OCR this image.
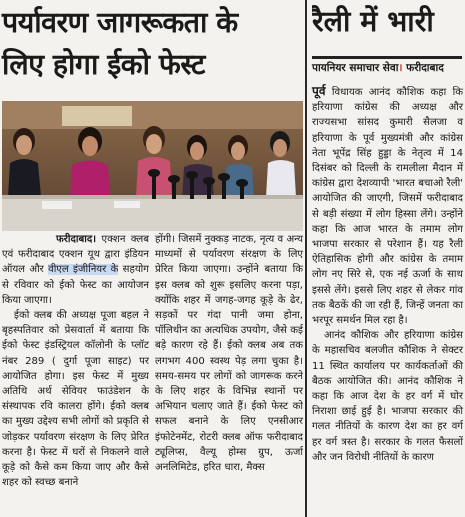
पर्यावरण जागरूकता के
लिए होगा ईको फेस्ट
रैली में भारी

फरीदाबाद। एक्शन क्लब एवं फरीदाबाद एक्शन यूथ द्वारा इंडियन ऑयल और वीएल इंजीनियर के सहयोग से रविवार को ईको फेस्ट का आयोजन किया जाएगा।

ईको क्लब की अध्यक्ष पूजा बहल ने बृहस्पतिवार को प्रेसवार्ता में बताया कि ईको फेस्ट इंडस्ट्रियल कॉलोनी के प्लॉट नंबर 289 ( दुर्गा पूजा साइट) पर आयोजित होगा। इस फेस्ट में मुख्य अतिथि अर्थ सेवियर फाउंडेशन के संस्थापक रवि कालरा होंगे। ईको क्लब का मुख्य उद्देश्य सभी लोगों को प्रकृति से जोड़कर पर्यावरण संरक्षण के लिए प्रेरित करना है। फेस्ट में घरों से निकलने वाले कूड़े को कैसे कम किया जाए और कैसे शहर को स्वच्छ बनाने

होंगी। जिसमें नुक्कड़ नाटक, नृत्य व अन्य माध्यमों से पर्यावरण संरक्षण के लिए प्रेरित किया जाएगा। उन्होंने बताया कि इस क्लब को शुरू इसलिए करना पड़ा, क्योंकि शहर में जगह-जगह कूड़े के ढेर, सड़कों पर गंदा पानी जमा होना, पॉलिथीन का अत्यधिक उपयोग, जैसे कई बड़े कारण रहे हैं। ईको क्लब अब तक लगभग 400 स्वस्थ पेड़ लगा चुका है। समय-समय पर लोगों को जागरूक करने के लिए शहर के विभिन्न स्थानों पर अभियान चलाए जाते हैं। ईको फेस्ट को सफल बनाने के लिए एनसीआर इंफोटेनमेंट, रोटरी क्लब ऑफ फरीदाबाद ट्यूलिप्स, वैल्यू होम्स ग्रुप, ऊर्जा अनलिमिटेड, हरित धारा, मैक्स

पायनियर समाचार सेवा। फरीदाबाद

पूर्व विधायक आनंद कौशिक कहा कि हरियाणा कांग्रेस की अध्यक्ष और राज्यसभा सांसद कुमारी सैलजा व हरियाणा के पूर्व मुख्यमंत्री और कांग्रेस नेता भूपेंद्र सिंह हुड्डा के नेतृत्व में 14 दिसंबर को दिल्ली के रामलीला मैदान में कांग्रेस द्वारा देशव्यापी 'भारत बचाओ रैली' आयोजित की जाएगी, जिसमें फरीदाबाद से बड़ी संख्या में लोग हिस्सा लेंगे। उन्होंने कहा कि आज भारत के तमाम लोग भाजपा सरकार से परेशान हैं। यह रैली ऐतिहासिक होगी और कांग्रेस के तमाम लोग नए सिरे से, एक नई ऊर्जा के साथ इससे लेंगे। इससे लिए शहर से लेकर गांव तक बैठकें की जा रही हैं, जिन्हें जनता का भरपूर समर्थन मिल रहा है।

आनंद कौशिक और हरियाणा कांग्रेस के महासचिव बलजीत कौशिक ने सेक्टर 11 स्थित कार्यालय पर कार्यकर्ताओं की बैठक आयोजित की। आनंद कौशिक ने कहा कि आज देश के हर वर्ग में घोर निराशा छाई हुई है। भाजपा सरकार की गलत नीतियों के कारण देश का हर वर्ग हर वर्ग त्रस्त है। सरकार के गलत फैसलों और जन विरोधी नीतियों के कारण
